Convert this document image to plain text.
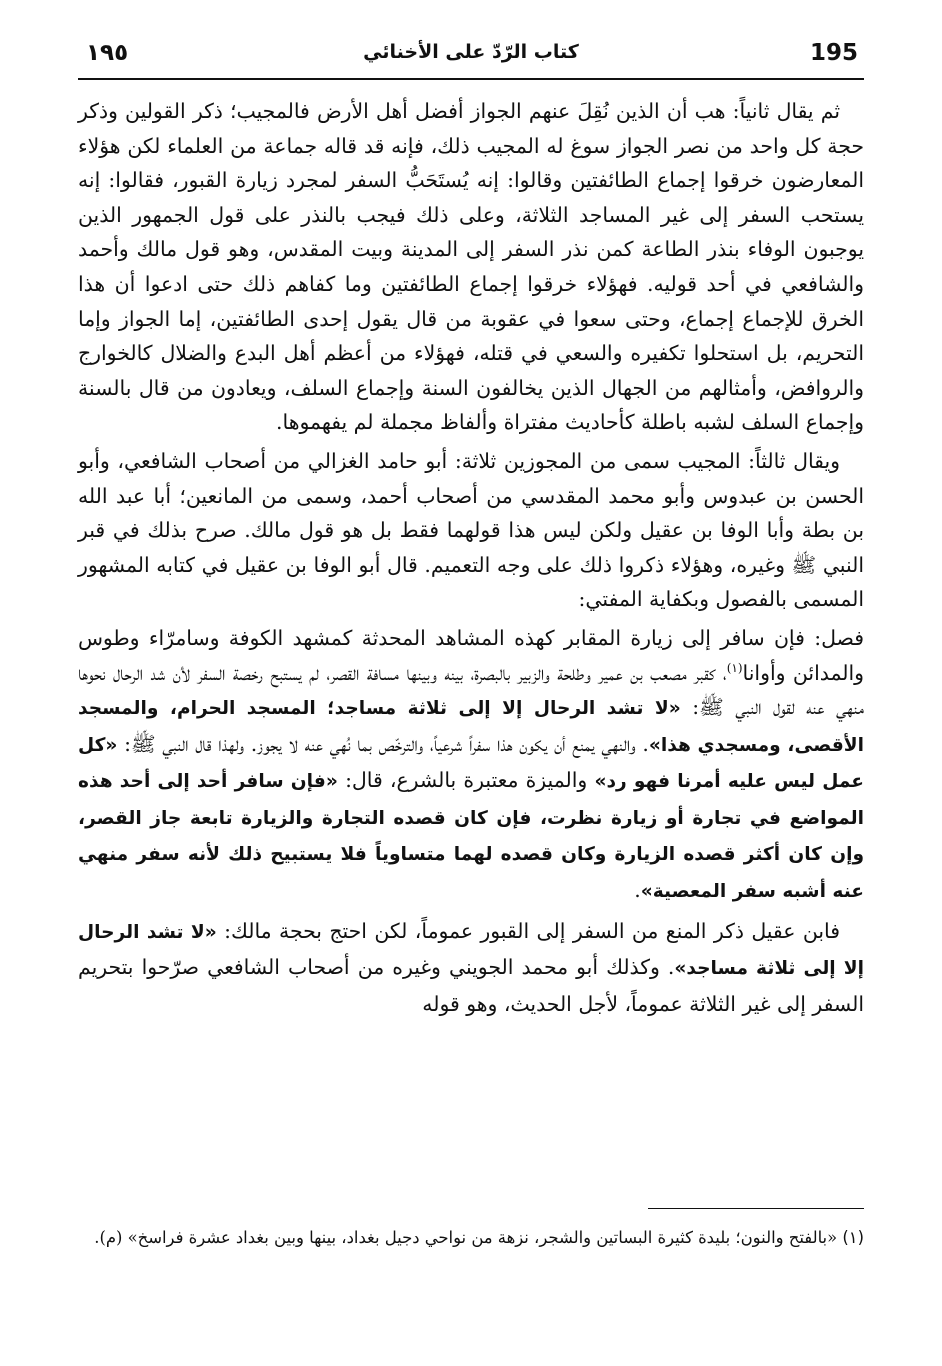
195
كتاب الرّدّ على الأخنائي
١٩٥

ثم يقال ثانياً: هب أن الذين نُقِلَ عنهم الجواز أفضل أهل الأرض فالمجيب؛ ذكر القولين وذكر حجة كل واحد من نصر الجواز سوغ له المجيب ذلك، فإنه قد قاله جماعة من العلماء لكن هؤلاء المعارضون خرقوا إجماع الطائفتين وقالوا: إنه يُستَحَبُّ السفر لمجرد زيارة القبور، فقالوا: إنه يستحب السفر إلى غير المساجد الثلاثة، وعلى ذلك فيجب بالنذر على قول الجمهور الذين يوجبون الوفاء بنذر الطاعة كمن نذر السفر إلى المدينة وبيت المقدس، وهو قول مالك وأحمد والشافعي في أحد قوليه. فهؤلاء خرقوا إجماع الطائفتين وما كفاهم ذلك حتى ادعوا أن هذا الخرق للإجماع إجماع، وحتى سعوا في عقوبة من قال يقول إحدى الطائفتين، إما الجواز وإما التحريم، بل استحلوا تكفيره والسعي في قتله، فهؤلاء من أعظم أهل البدع والضلال كالخوارج والروافض، وأمثالهم من الجهال الذين يخالفون السنة وإجماع السلف، ويعادون من قال بالسنة وإجماع السلف لشبه باطلة كأحاديث مفتراة وألفاظ مجملة لم يفهموها.

ويقال ثالثاً: المجيب سمى من المجوزين ثلاثة: أبو حامد الغزالي من أصحاب الشافعي، وأبو الحسن بن عبدوس وأبو محمد المقدسي من أصحاب أحمد، وسمى من المانعين؛ أبا عبد الله بن بطة وأبا الوفا بن عقيل ولكن ليس هذا قولهما فقط بل هو قول مالك. صرح بذلك في قبر النبي ﷺ وغيره، وهؤلاء ذكروا ذلك على وجه التعميم. قال أبو الوفا بن عقيل في كتابه المشهور المسمى بالفصول وبكفاية المفتي:

فصل: فإن سافر إلى زيارة المقابر كهذه المشاهد المحدثة كمشهد الكوفة وسامرّاء وطوس والمدائن وأوانا$^{(١)}$، كقبر مصعب بن عمير وطلحة والزبير بالبصرة، بينه وبينها مسافة القصر، لم يستبح رخصة السفر لأن شد الرحال نحوها منهي عنه لقول النبي ﷺ: «لا تشد الرحال إلا إلى ثلاثة مساجد؛ المسجد الحرام، والمسجد الأقصى، ومسجدي هذا». والنهي يمنع أن يكون هذا سفراً شرعياً، والترخّص بما نُهي عنه لا يجوز. ولهذا قال النبي ﷺ: «كل عمل ليس عليه أمرنا فهو رد» والميزة معتبرة بالشرع، قال: «فإن سافر أحد إلى أحد هذه المواضع في تجارة أو زيارة نظرت، فإن كان قصده التجارة والزيارة تابعة جاز القصر، وإن كان أكثر قصده الزيارة وكان قصده لهما متساوياً فلا يستبيح ذلك لأنه سفر منهي عنه أشبه سفر المعصية».

فابن عقيل ذكر المنع من السفر إلى القبور عموماً، لكن احتج بحجة مالك: «لا تشد الرحال إلا إلى ثلاثة مساجد». وكذلك أبو محمد الجويني وغيره من أصحاب الشافعي صرّحوا بتحريم السفر إلى غير الثلاثة عموماً، لأجل الحديث، وهو قوله

(١) «بالفتح والنون؛ بليدة كثيرة البساتين والشجر، نزهة من نواحي دجيل بغداد، بينها وبين بغداد عشرة فراسخ» (م).
